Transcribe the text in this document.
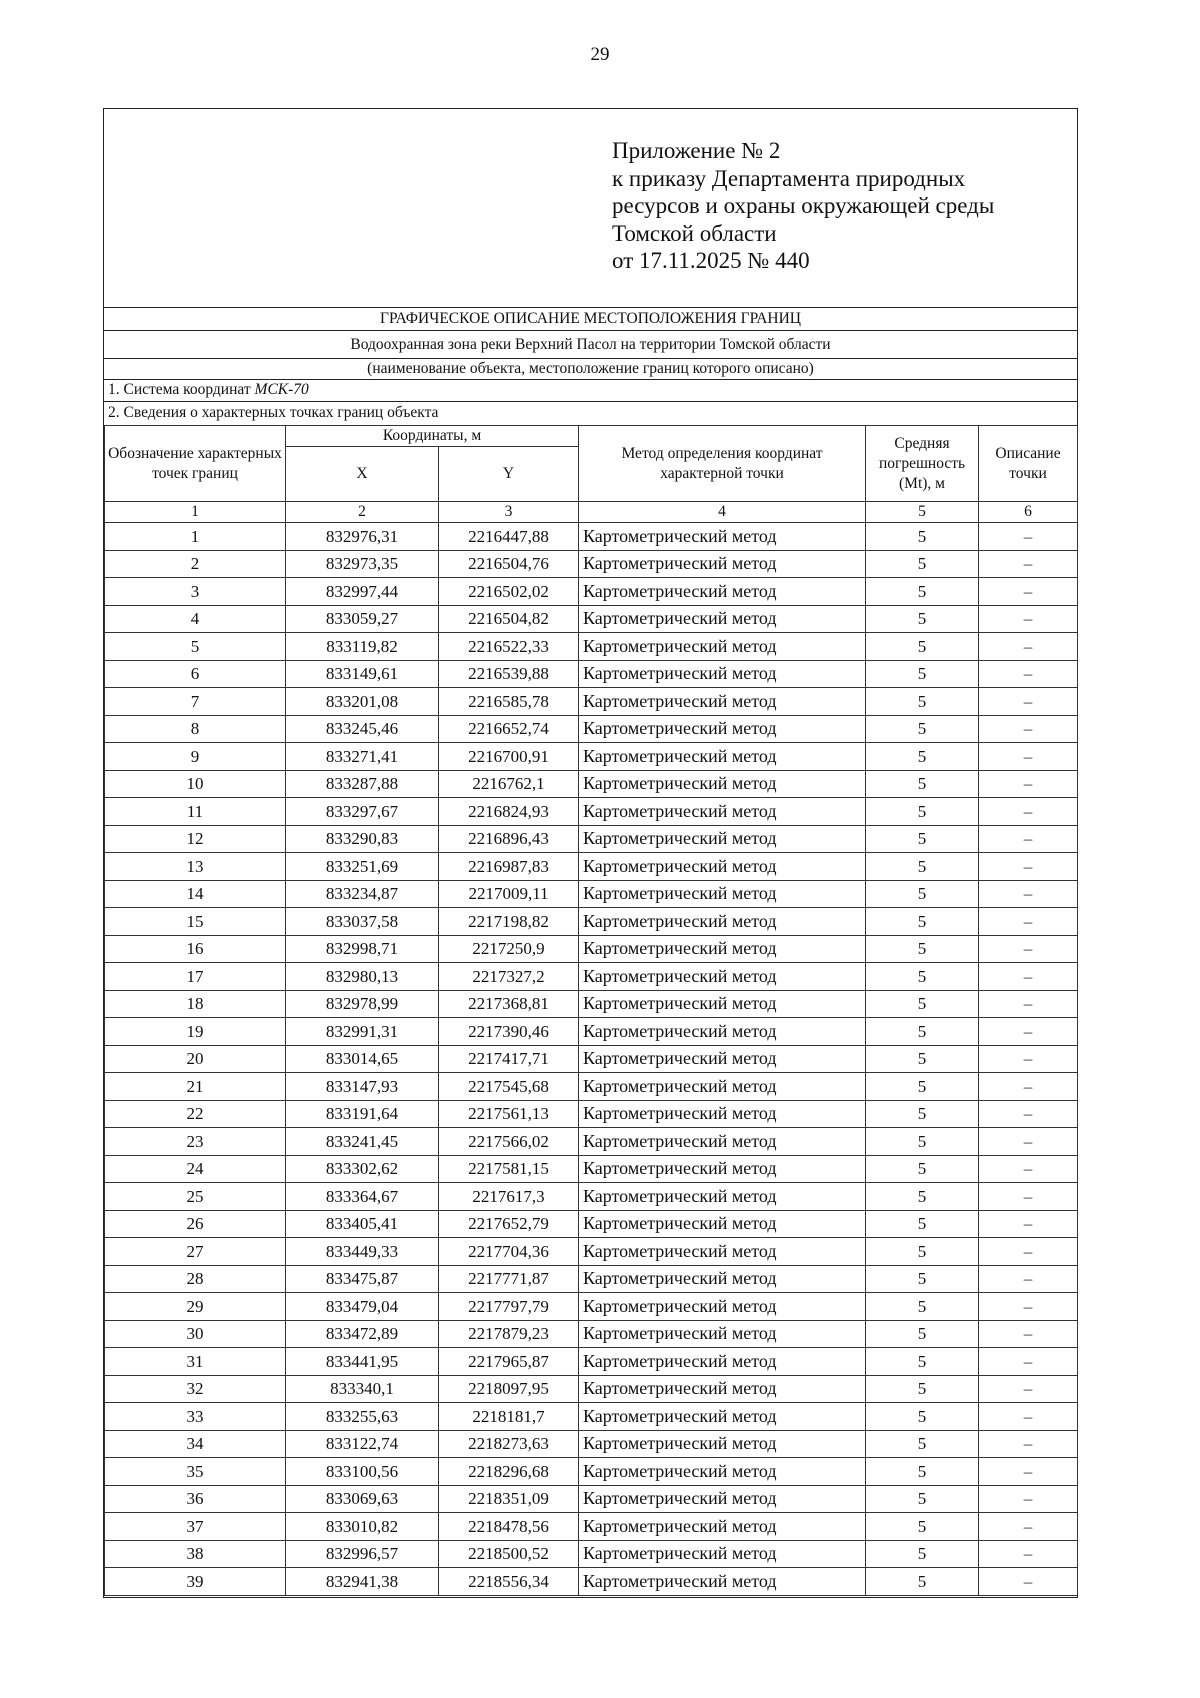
29
Приложение № 2
к приказу Департамента природных
ресурсов и охраны окружающей среды
Томской области
от 17.11.2025 № 440
ГРАФИЧЕСКОЕ ОПИСАНИЕ МЕСТОПОЛОЖЕНИЯ ГРАНИЦ
Водоохранная зона реки Верхний Пасол на территории Томской области
(наименование объекта, местоположение границ которого описано)
1. Система координат МСК-70
2. Сведения о характерных точках границ объекта
Обозначение характерных точек границ	Координаты, м		Метод определения координат характерной точки	Средняя погрешность (Mt), м	Описание точки
	X	Y			
1	2	3	4	5	6
1	832976,31	2216447,88	Картометрический метод	5	–
2	832973,35	2216504,76	Картометрический метод	5	–
3	832997,44	2216502,02	Картометрический метод	5	–
4	833059,27	2216504,82	Картометрический метод	5	–
5	833119,82	2216522,33	Картометрический метод	5	–
6	833149,61	2216539,88	Картометрический метод	5	–
7	833201,08	2216585,78	Картометрический метод	5	–
8	833245,46	2216652,74	Картометрический метод	5	–
9	833271,41	2216700,91	Картометрический метод	5	–
10	833287,88	2216762,1	Картометрический метод	5	–
11	833297,67	2216824,93	Картометрический метод	5	–
12	833290,83	2216896,43	Картометрический метод	5	–
13	833251,69	2216987,83	Картометрический метод	5	–
14	833234,87	2217009,11	Картометрический метод	5	–
15	833037,58	2217198,82	Картометрический метод	5	–
16	832998,71	2217250,9	Картометрический метод	5	–
17	832980,13	2217327,2	Картометрический метод	5	–
18	832978,99	2217368,81	Картометрический метод	5	–
19	832991,31	2217390,46	Картометрический метод	5	–
20	833014,65	2217417,71	Картометрический метод	5	–
21	833147,93	2217545,68	Картометрический метод	5	–
22	833191,64	2217561,13	Картометрический метод	5	–
23	833241,45	2217566,02	Картометрический метод	5	–
24	833302,62	2217581,15	Картометрический метод	5	–
25	833364,67	2217617,3	Картометрический метод	5	–
26	833405,41	2217652,79	Картометрический метод	5	–
27	833449,33	2217704,36	Картометрический метод	5	–
28	833475,87	2217771,87	Картометрический метод	5	–
29	833479,04	2217797,79	Картометрический метод	5	–
30	833472,89	2217879,23	Картометрический метод	5	–
31	833441,95	2217965,87	Картометрический метод	5	–
32	833340,1	2218097,95	Картометрический метод	5	–
33	833255,63	2218181,7	Картометрический метод	5	–
34	833122,74	2218273,63	Картометрический метод	5	–
35	833100,56	2218296,68	Картометрический метод	5	–
36	833069,63	2218351,09	Картометрический метод	5	–
37	833010,82	2218478,56	Картометрический метод	5	–
38	832996,57	2218500,52	Картометрический метод	5	–
39	832941,38	2218556,34	Картометрический метод	5	–
